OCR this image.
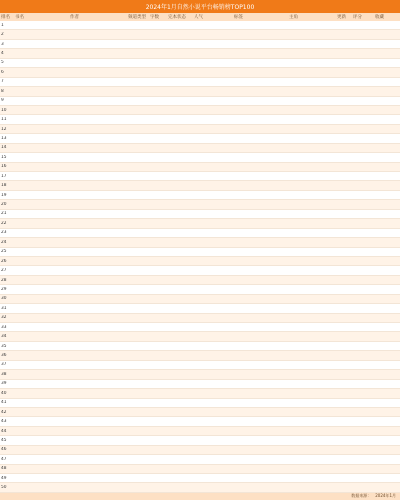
2024年1月自然小说平台畅销榜TOP100
排名	书名	作者	频道类型 字数	完本状态	人气	标签	主角	更新	评分	收藏
1
2
3
4
5
6
7
8
9
10
11
12
13
14
15
16
17
18
19
20
21
22
23
24
25
26
27
28
29
30
31
32
33
34
35
36
37
38
39
40
41
42
43
44
45
46
47
48
49
50
数据来源： 2024年1月
